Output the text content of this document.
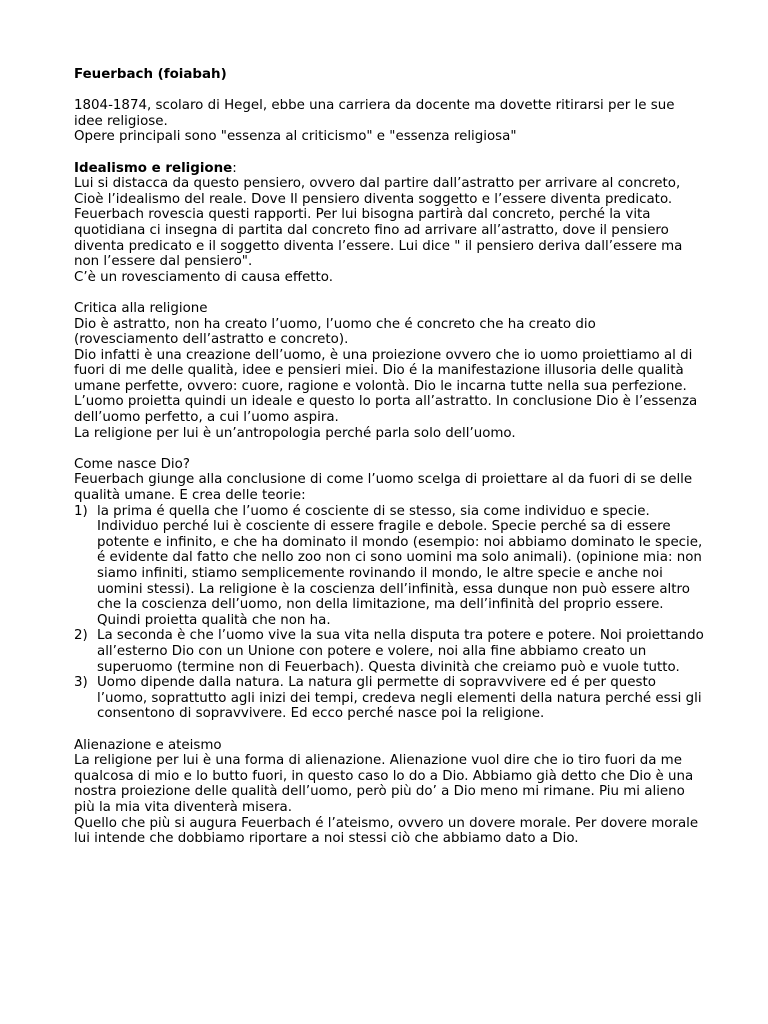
Feuerbach (foiabah)

1804-1874, scolaro di Hegel, ebbe una carriera da docente ma dovette ritirarsi per le sue idee religiose.

Opere principali sono "essenza al criticismo" e "essenza religiosa"

Idealismo e religione:

Lui si distacca da questo pensiero, ovvero dal partire dall’astratto per arrivare al concreto, Cioè l’idealismo del reale. Dove Il pensiero diventa soggetto e l’essere diventa predicato.

Feuerbach rovescia questi rapporti. Per lui bisogna partirà dal concreto, perché la vita quotidiana ci insegna di partita dal concreto fino ad arrivare all’astratto, dove il pensiero diventa predicato e il soggetto diventa l’essere. Lui dice " il pensiero deriva dall’essere ma non l’essere dal pensiero".

C’è un rovesciamento di causa effetto.

Critica alla religione

Dio è astratto, non ha creato l’uomo, l’uomo che é concreto che ha creato dio (rovesciamento dell’astratto e concreto).

Dio infatti è una creazione dell’uomo, è una proiezione ovvero che io uomo proiettiamo al di fuori di me delle qualità, idee e pensieri miei. Dio é la manifestazione illusoria delle qualità umane perfette, ovvero: cuore, ragione e volontà. Dio le incarna tutte nella sua perfezione.

L’uomo proietta quindi un ideale e questo lo porta all’astratto. In conclusione Dio è l’essenza dell’uomo perfetto, a cui l’uomo aspira.

La religione per lui è un’antropologia perché parla solo dell’uomo.

Come nasce Dio?

Feuerbach giunge alla conclusione di come l’uomo scelga di proiettare al da fuori di se delle qualità umane. E crea delle teorie:

1) la prima é quella che l’uomo é cosciente di se stesso, sia come individuo e specie. Individuo perché lui è cosciente di essere fragile e debole. Specie perché sa di essere potente e infinito, e che ha dominato il mondo (esempio: noi abbiamo dominato le specie, é evidente dal fatto che nello zoo non ci sono uomini ma solo animali). (opinione mia: non siamo infiniti, stiamo semplicemente rovinando il mondo, le altre specie e anche noi uomini stessi). La religione è la coscienza dell’infinità, essa dunque non può essere altro che la coscienza dell’uomo, non della limitazione, ma dell’infinità del proprio essere. Quindi proietta qualità che non ha.
2) La seconda è che l’uomo vive la sua vita nella disputa tra potere e potere. Noi proiettando all’esterno Dio con un Unione con potere e volere, noi alla fine abbiamo creato un superuomo (termine non di Feuerbach). Questa divinità che creiamo può e vuole tutto.
3) Uomo dipende dalla natura. La natura gli permette di sopravvivere ed é per questo l’uomo, soprattutto agli inizi dei tempi, credeva negli elementi della natura perché essi gli consentono di sopravvivere. Ed ecco perché nasce poi la religione.
Alienazione e ateismo

La religione per lui è una forma di alienazione. Alienazione vuol dire che io tiro fuori da me qualcosa di mio e lo butto fuori, in questo caso lo do a Dio. Abbiamo già detto che Dio è una nostra proiezione delle qualità dell’uomo, però più do’ a Dio meno mi rimane. Piu mi alieno più la mia vita diventerà misera.

Quello che più si augura Feuerbach é l’ateismo, ovvero un dovere morale. Per dovere morale lui intende che dobbiamo riportare a noi stessi ciò che abbiamo dato a Dio.
